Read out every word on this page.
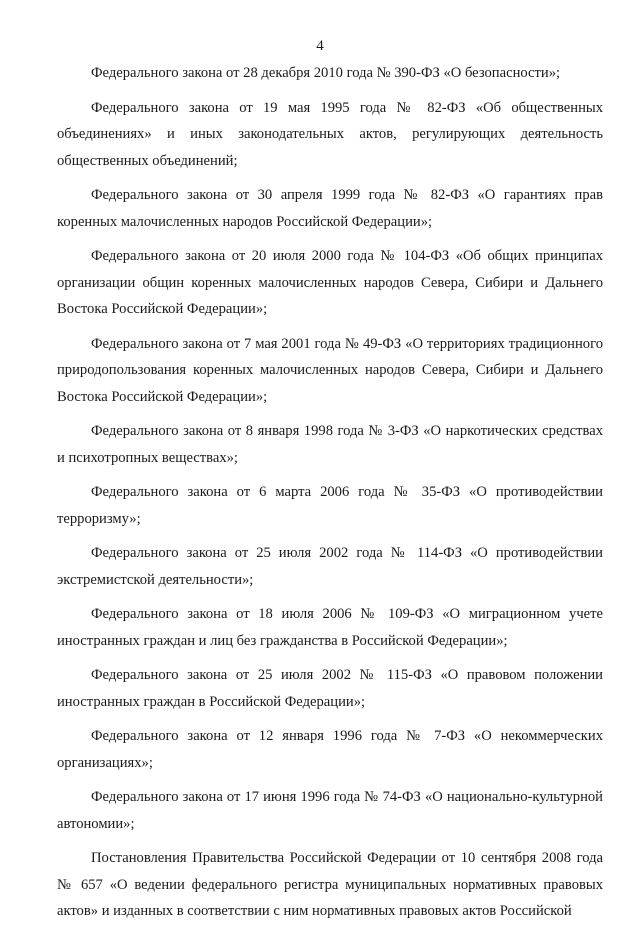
4

Федерального закона от 28 декабря 2010 года № 390-ФЗ «О безопасности»;

Федерального закона от 19 мая 1995 года № 82-ФЗ «Об общественных объединениях» и иных законодательных актов, регулирующих деятельность общественных объединений;

Федерального закона от 30 апреля 1999 года № 82-ФЗ «О гарантиях прав коренных малочисленных народов Российской Федерации»;

Федерального закона от 20 июля 2000 года № 104-ФЗ «Об общих принципах организации общин коренных малочисленных народов Севера, Сибири и Дальнего Востока Российской Федерации»;

Федерального закона от 7 мая 2001 года № 49-ФЗ «О территориях традиционного природопользования коренных малочисленных народов Севера, Сибири и Дальнего Востока Российской Федерации»;

Федерального закона от 8 января 1998 года № 3-ФЗ «О наркотических средствах и психотропных веществах»;

Федерального закона от 6 марта 2006 года № 35-ФЗ «О противодействии терроризму»;

Федерального закона от 25 июля 2002 года № 114-ФЗ «О противодействии экстремистской деятельности»;

Федерального закона от 18 июля 2006 № 109-ФЗ «О миграционном учете иностранных граждан и лиц без гражданства в Российской Федерации»;

Федерального закона от 25 июля 2002 № 115-ФЗ «О правовом положении иностранных граждан в Российской Федерации»;

Федерального закона от 12 января 1996 года № 7-ФЗ «О некоммерческих организациях»;

Федерального закона от 17 июня 1996 года № 74-ФЗ «О национально-культурной автономии»;

Постановления Правительства Российской Федерации от 10 сентября 2008 года № 657 «О ведении федерального регистра муниципальных нормативных правовых актов» и изданных в соответствии с ним нормативных правовых актов Российской
